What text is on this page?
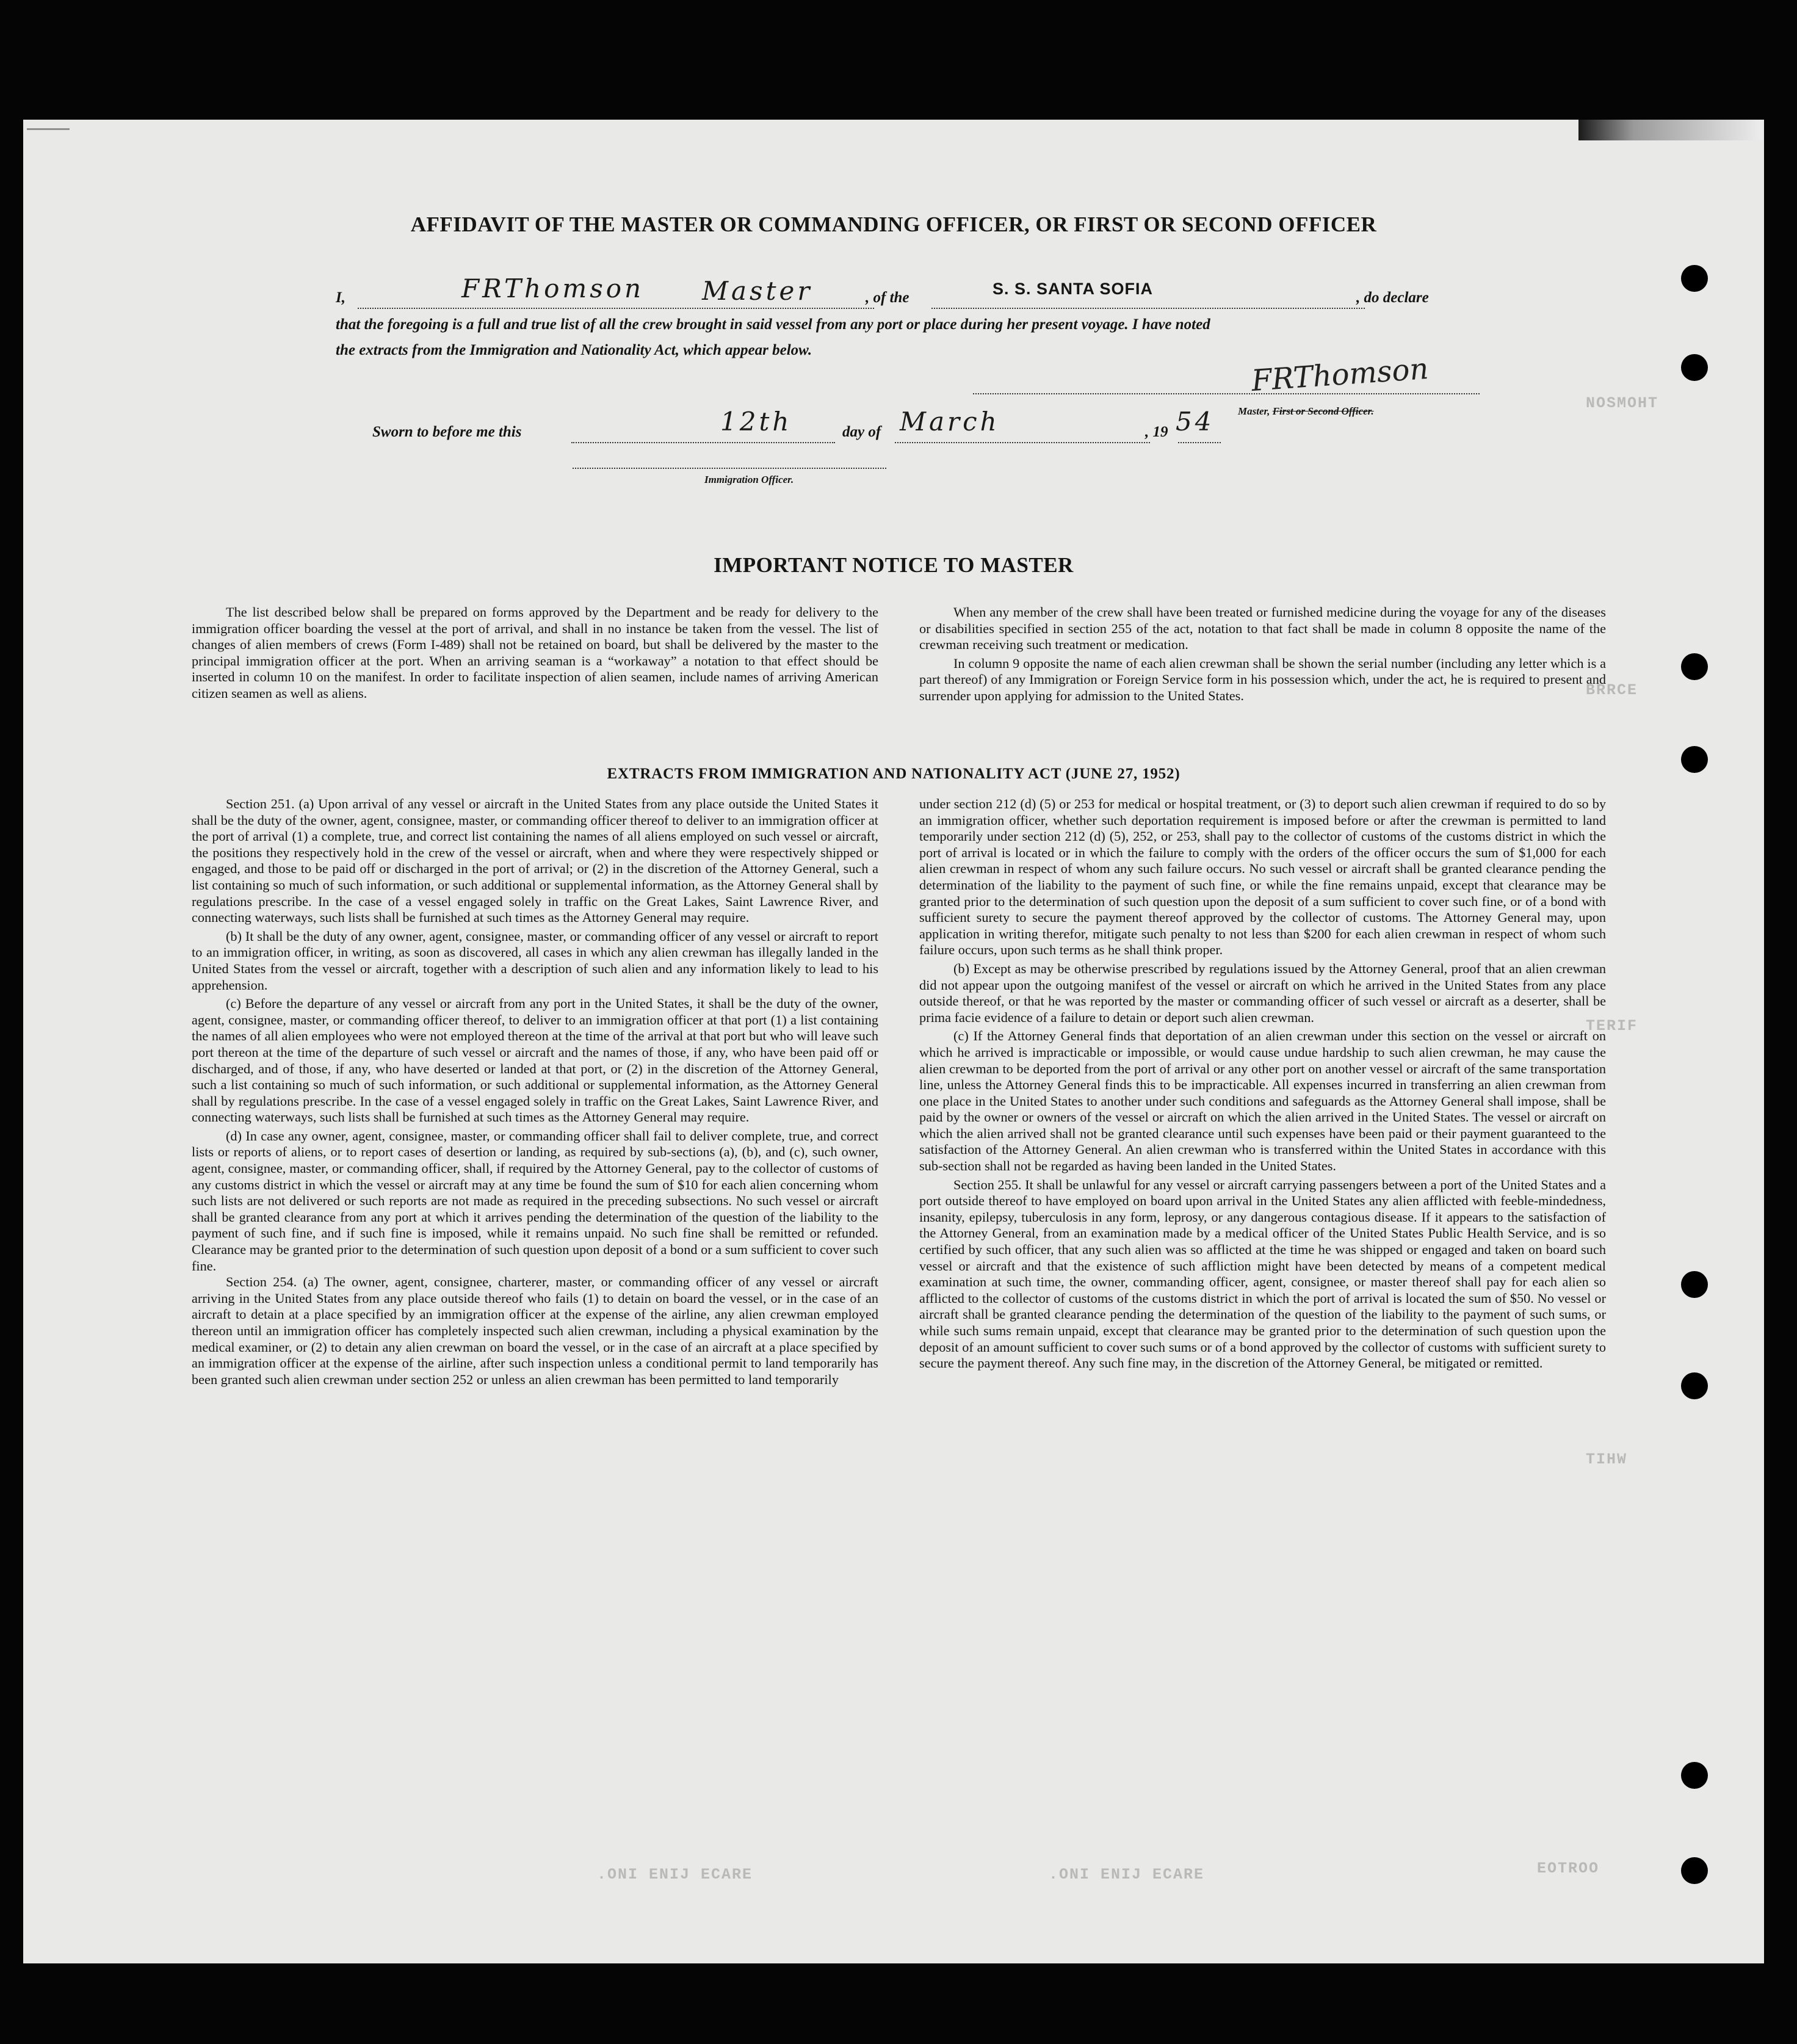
NOSMOHT
BRRCE
TERIF
TIHW
EOTROO
.ONI ENIJ ECARE	.ONI ENIJ ECARE
AFFIDAVIT OF THE MASTER OR COMMANDING OFFICER, OR FIRST OR SECOND OFFICER
I,	FRThomson Master	, of the	S. S. SANTA SOFIA	, do declare
that the foregoing is a full and true list of all the crew brought in said vessel from any port or place during her present voyage. I have noted
the extracts from the Immigration and Nationality Act, which appear below.
FRThomson
Master, First or Second Officer.
Sworn to before me this	12th	day of March	, 19 54
Immigration Officer.
IMPORTANT NOTICE TO MASTER

The list described below shall be prepared on forms approved by the Department and be ready for delivery to the immigration officer boarding the vessel at the port of arrival, and shall in no instance be taken from the vessel. The list of changes of alien members of crews (Form I-489) shall not be retained on board, but shall be delivered by the master to the principal immigration officer at the port. When an arriving seaman is a “workaway” a notation to that effect should be inserted in column 10 on the manifest. In order to facilitate inspection of alien seamen, include names of arriving American citizen seamen as well as aliens.

When any member of the crew shall have been treated or furnished medicine during the voyage for any of the diseases or disabilities specified in section 255 of the act, notation to that fact shall be made in column 8 opposite the name of the crewman receiving such treatment or medication.

In column 9 opposite the name of each alien crewman shall be shown the serial number (including any letter which is a part thereof) of any Immigration or Foreign Service form in his possession which, under the act, he is required to present and surrender upon applying for admission to the United States.

EXTRACTS FROM IMMIGRATION AND NATIONALITY ACT (JUNE 27, 1952)

Section 251. (a) Upon arrival of any vessel or aircraft in the United States from any place outside the United States it shall be the duty of the owner, agent, consignee, master, or commanding officer thereof to deliver to an immigration officer at the port of arrival (1) a complete, true, and correct list containing the names of all aliens employed on such vessel or aircraft, the positions they respectively hold in the crew of the vessel or aircraft, when and where they were respectively shipped or engaged, and those to be paid off or discharged in the port of arrival; or (2) in the discretion of the Attorney General, such a list containing so much of such information, or such additional or supplemental information, as the Attorney General shall by regulations prescribe. In the case of a vessel engaged solely in traffic on the Great Lakes, Saint Lawrence River, and connecting waterways, such lists shall be furnished at such times as the Attorney General may require.

(b) It shall be the duty of any owner, agent, consignee, master, or commanding officer of any vessel or aircraft to report to an immigration officer, in writing, as soon as discovered, all cases in which any alien crewman has illegally landed in the United States from the vessel or aircraft, together with a description of such alien and any information likely to lead to his apprehension.

(c) Before the departure of any vessel or aircraft from any port in the United States, it shall be the duty of the owner, agent, consignee, master, or commanding officer thereof, to deliver to an immigration officer at that port (1) a list containing the names of all alien employees who were not employed thereon at the time of the arrival at that port but who will leave such port thereon at the time of the departure of such vessel or aircraft and the names of those, if any, who have been paid off or discharged, and of those, if any, who have deserted or landed at that port, or (2) in the discretion of the Attorney General, such a list containing so much of such information, or such additional or supplemental information, as the Attorney General shall by regulations prescribe. In the case of a vessel engaged solely in traffic on the Great Lakes, Saint Lawrence River, and connecting waterways, such lists shall be furnished at such times as the Attorney General may require.

(d) In case any owner, agent, consignee, master, or commanding officer shall fail to deliver complete, true, and correct lists or reports of aliens, or to report cases of desertion or landing, as required by sub-sections (a), (b), and (c), such owner, agent, consignee, master, or commanding officer, shall, if required by the Attorney General, pay to the collector of customs of any customs district in which the vessel or aircraft may at any time be found the sum of $10 for each alien concerning whom such lists are not delivered or such reports are not made as required in the preceding subsections. No such vessel or aircraft shall be granted clearance from any port at which it arrives pending the determination of the question of the liability to the payment of such fine, and if such fine is imposed, while it remains unpaid. No such fine shall be remitted or refunded. Clearance may be granted prior to the determination of such question upon deposit of a bond or a sum sufficient to cover such fine.

Section 254. (a) The owner, agent, consignee, charterer, master, or commanding officer of any vessel or aircraft arriving in the United States from any place outside thereof who fails (1) to detain on board the vessel, or in the case of an aircraft to detain at a place specified by an immigration officer at the expense of the airline, any alien crewman employed thereon until an immigration officer has completely inspected such alien crewman, including a physical examination by the medical examiner, or (2) to detain any alien crewman on board the vessel, or in the case of an aircraft at a place specified by an immigration officer at the expense of the airline, after such inspection unless a conditional permit to land temporarily has been granted such alien crewman under section 252 or unless an alien crewman has been permitted to land temporarily

under section 212 (d) (5) or 253 for medical or hospital treatment, or (3) to deport such alien crewman if required to do so by an immigration officer, whether such deportation requirement is imposed before or after the crewman is permitted to land temporarily under section 212 (d) (5), 252, or 253, shall pay to the collector of customs of the customs district in which the port of arrival is located or in which the failure to comply with the orders of the officer occurs the sum of $1,000 for each alien crewman in respect of whom any such failure occurs. No such vessel or aircraft shall be granted clearance pending the determination of the liability to the payment of such fine, or while the fine remains unpaid, except that clearance may be granted prior to the determination of such question upon the deposit of a sum sufficient to cover such fine, or of a bond with sufficient surety to secure the payment thereof approved by the collector of customs. The Attorney General may, upon application in writing therefor, mitigate such penalty to not less than $200 for each alien crewman in respect of whom such failure occurs, upon such terms as he shall think proper.

(b) Except as may be otherwise prescribed by regulations issued by the Attorney General, proof that an alien crewman did not appear upon the outgoing manifest of the vessel or aircraft on which he arrived in the United States from any place outside thereof, or that he was reported by the master or commanding officer of such vessel or aircraft as a deserter, shall be prima facie evidence of a failure to detain or deport such alien crewman.

(c) If the Attorney General finds that deportation of an alien crewman under this section on the vessel or aircraft on which he arrived is impracticable or impossible, or would cause undue hardship to such alien crewman, he may cause the alien crewman to be deported from the port of arrival or any other port on another vessel or aircraft of the same transportation line, unless the Attorney General finds this to be impracticable. All expenses incurred in transferring an alien crewman from one place in the United States to another under such conditions and safeguards as the Attorney General shall impose, shall be paid by the owner or owners of the vessel or aircraft on which the alien arrived in the United States. The vessel or aircraft on which the alien arrived shall not be granted clearance until such expenses have been paid or their payment guaranteed to the satisfaction of the Attorney General. An alien crewman who is transferred within the United States in accordance with this sub-section shall not be regarded as having been landed in the United States.

Section 255. It shall be unlawful for any vessel or aircraft carrying passengers between a port of the United States and a port outside thereof to have employed on board upon arrival in the United States any alien afflicted with feeble-mindedness, insanity, epilepsy, tuberculosis in any form, leprosy, or any dangerous contagious disease. If it appears to the satisfaction of the Attorney General, from an examination made by a medical officer of the United States Public Health Service, and is so certified by such officer, that any such alien was so afflicted at the time he was shipped or engaged and taken on board such vessel or aircraft and that the existence of such affliction might have been detected by means of a competent medical examination at such time, the owner, commanding officer, agent, consignee, or master thereof shall pay for each alien so afflicted to the collector of customs of the customs district in which the port of arrival is located the sum of $50. No vessel or aircraft shall be granted clearance pending the determination of the question of the liability to the payment of such sums, or while such sums remain unpaid, except that clearance may be granted prior to the determination of such question upon the deposit of an amount sufficient to cover such sums or of a bond approved by the collector of customs with sufficient surety to secure the payment thereof. Any such fine may, in the discretion of the Attorney General, be mitigated or remitted.
